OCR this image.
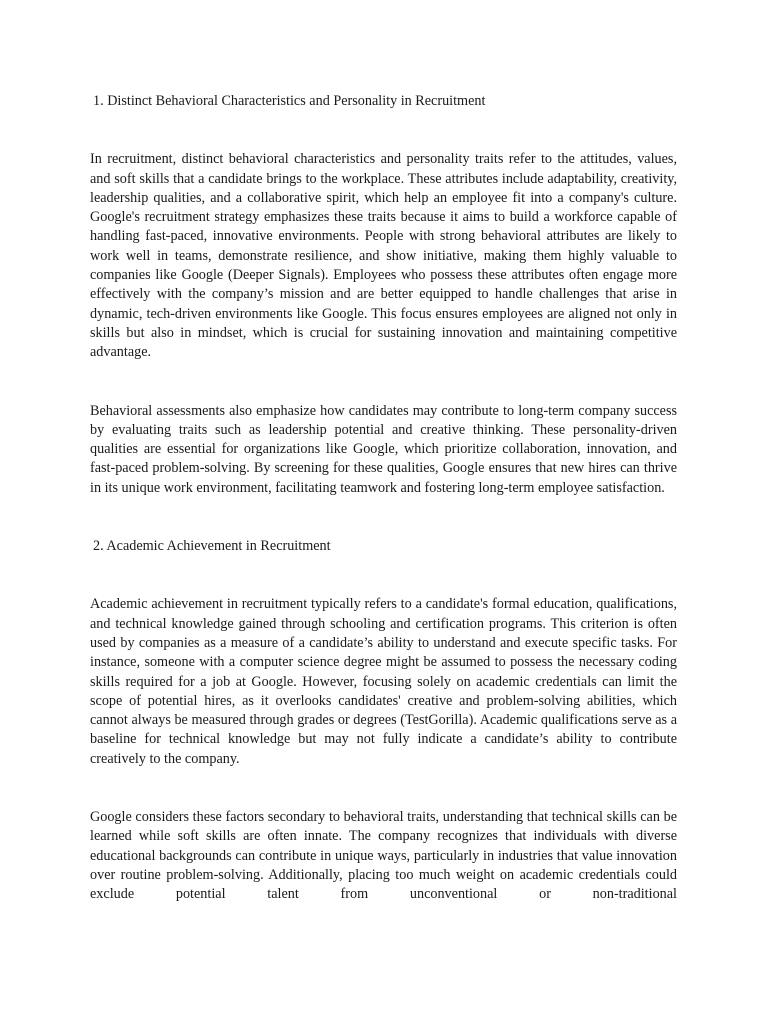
1. Distinct Behavioral Characteristics and Personality in Recruitment

In recruitment, distinct behavioral characteristics and personality traits refer to the attitudes, values, and soft skills that a candidate brings to the workplace. These attributes include adaptability, creativity, leadership qualities, and a collaborative spirit, which help an employee fit into a company's culture. Google's recruitment strategy emphasizes these traits because it aims to build a workforce capable of handling fast-paced, innovative environments. People with strong behavioral attributes are likely to work well in teams, demonstrate resilience, and show initiative, making them highly valuable to companies like Google (Deeper Signals). Employees who possess these attributes often engage more effectively with the company’s mission and are better equipped to handle challenges that arise in dynamic, tech-driven environments like Google. This focus ensures employees are aligned not only in skills but also in mindset, which is crucial for sustaining innovation and maintaining competitive advantage.

Behavioral assessments also emphasize how candidates may contribute to long-term company success by evaluating traits such as leadership potential and creative thinking. These personality-driven qualities are essential for organizations like Google, which prioritize collaboration, innovation, and fast-paced problem-solving. By screening for these qualities, Google ensures that new hires can thrive in its unique work environment, facilitating teamwork and fostering long-term employee satisfaction.

2. Academic Achievement in Recruitment

Academic achievement in recruitment typically refers to a candidate's formal education, qualifications, and technical knowledge gained through schooling and certification programs. This criterion is often used by companies as a measure of a candidate’s ability to understand and execute specific tasks. For instance, someone with a computer science degree might be assumed to possess the necessary coding skills required for a job at Google. However, focusing solely on academic credentials can limit the scope of potential hires, as it overlooks candidates' creative and problem-solving abilities, which cannot always be measured through grades or degrees (TestGorilla). Academic qualifications serve as a baseline for technical knowledge but may not fully indicate a candidate’s ability to contribute creatively to the company.

Google considers these factors secondary to behavioral traits, understanding that technical skills can be learned while soft skills are often innate. The company recognizes that individuals with diverse educational backgrounds can contribute in unique ways, particularly in industries that value innovation over routine problem-solving. Additionally, placing too much weight on academic credentials could exclude potential talent from unconventional or non-traditional
